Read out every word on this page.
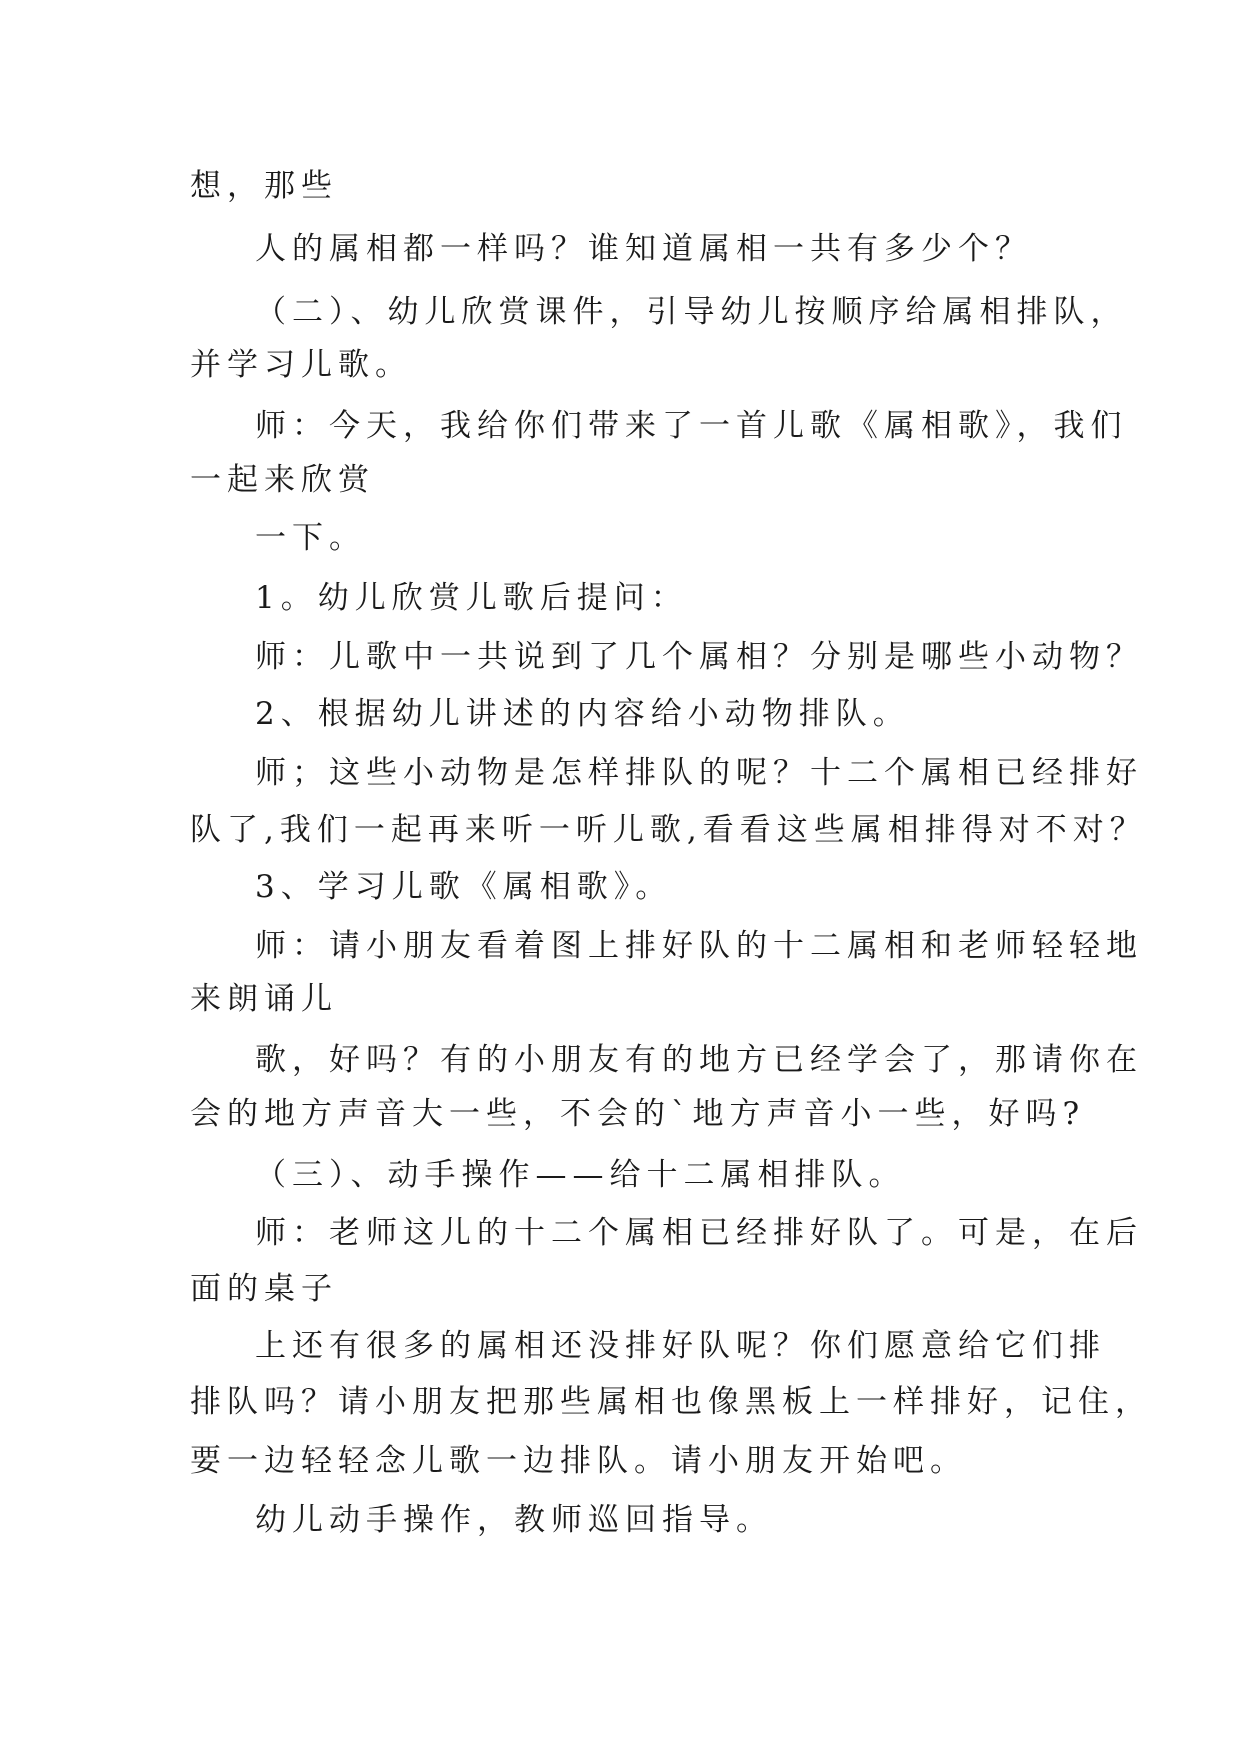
想，那些
人的属相都一样吗？谁知道属相一共有多少个？
（二）、幼儿欣赏课件，引导幼儿按顺序给属相排队，
并学习儿歌。
师：今天，我给你们带来了一首儿歌《属相歌》，我们
一起来欣赏
一下。
1。幼儿欣赏儿歌后提问：
师：儿歌中一共说到了几个属相？分别是哪些小动物？
2、根据幼儿讲述的内容给小动物排队。
师；这些小动物是怎样排队的呢？十二个属相已经排好
队了,我们一起再来听一听儿歌,看看这些属相排得对不对？
3、学习儿歌《属相歌》。
师：请小朋友看着图上排好队的十二属相和老师轻轻地
来朗诵儿
歌，好吗？有的小朋友有的地方已经学会了，那请你在
会的地方声音大一些，不会的`地方声音小一些，好吗?
（三）、动手操作——给十二属相排队。
师：老师这儿的十二个属相已经排好队了。可是，在后
面的桌子
上还有很多的属相还没排好队呢？你们愿意给它们排
排队吗？请小朋友把那些属相也像黑板上一样排好，记住，
要一边轻轻念儿歌一边排队。请小朋友开始吧。
幼儿动手操作，教师巡回指导。
